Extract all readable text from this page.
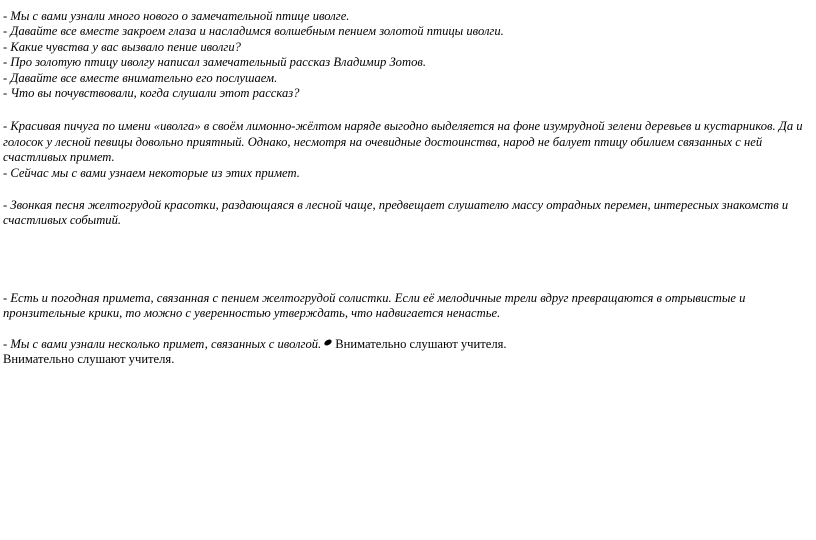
- Мы с вами узнали много нового о замечательной птице иволге.
- Давайте все вместе закроем глаза и насладимся волшебным пением золотой птицы иволги.
- Какие чувства у вас вызвало пение иволги?
- Про золотую птицу иволгу написал замечательный рассказ Владимир Зотов.
- Давайте все вместе внимательно его послушаем.
- Что вы почувствовали, когда слушали этот рассказ?
- Красивая пичуга по имени «иволга» в своём лимонно-жёлтом наряде выгодно выделяется на фоне изумрудной зелени деревьев и кустарников. Да и голосок у лесной певицы довольно приятный. Однако, несмотря на очевидные достоинства, народ не балует птицу обилием связанных с ней счастливых примет.
- Сейчас мы с вами узнаем некоторые из этих примет.
- Звонкая песня желтогрудой красотки, раздающаяся в лесной чаще, предвещает слушателю массу отрадных перемен, интересных знакомств и счастливых событий.
- Есть и погодная примета, связанная с пением желтогрудой солистки. Если её мелодичные трели вдруг превращаются в отрывистые и пронзительные крики, то можно с уверенностью утверждать, что надвигается ненастье.
- Мы с вами узнали несколько примет, связанных с иволгой. Внимательно слушают учителя.
Внимательно слушают учителя.
